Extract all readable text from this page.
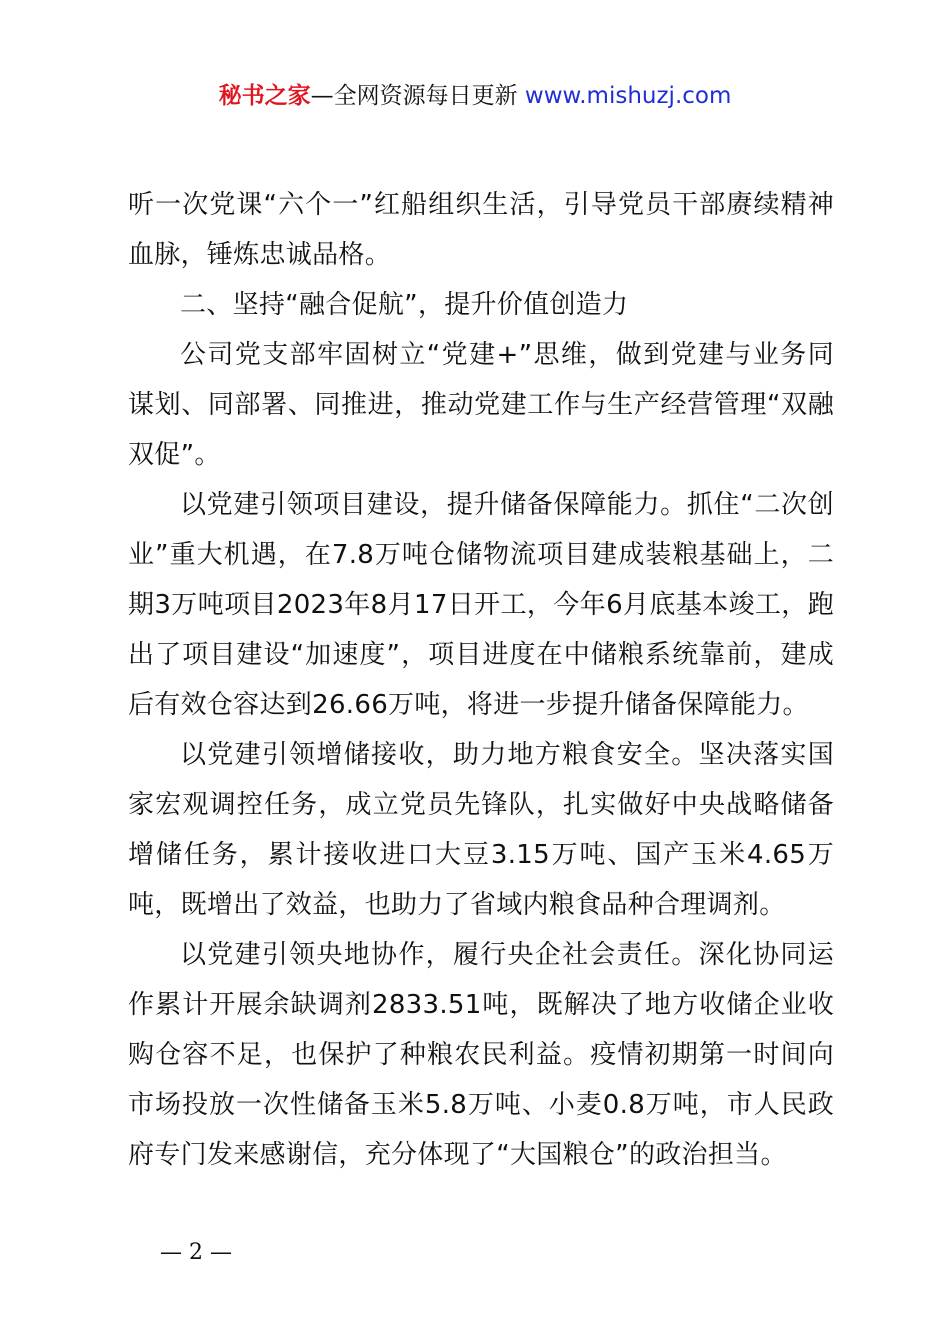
秘书之家—全网资源每日更新 www.mishuzj.com

听一次党课“六个一”红船组织生活，引导党员干部赓续精神血脉，锤炼忠诚品格。

二、坚持“融合促航”，提升价值创造力

公司党支部牢固树立“党建+”思维，做到党建与业务同谋划、同部署、同推进，推动党建工作与生产经营管理“双融双促”。

以党建引领项目建设，提升储备保障能力。抓住“二次创业”重大机遇，在7.8万吨仓储物流项目建成装粮基础上，二期3万吨项目2023年8月17日开工，今年6月底基本竣工，跑出了项目建设“加速度”，项目进度在中储粮系统靠前，建成后有效仓容达到26.66万吨，将进一步提升储备保障能力。

以党建引领增储接收，助力地方粮食安全。坚决落实国家宏观调控任务，成立党员先锋队，扎实做好中央战略储备增储任务，累计接收进口大豆3.15万吨、国产玉米4.65万吨，既增出了效益，也助力了省域内粮食品种合理调剂。

以党建引领央地协作，履行央企社会责任。深化协同运作累计开展余缺调剂2833.51吨，既解决了地方收储企业收购仓容不足，也保护了种粮农民利益。疫情初期第一时间向市场投放一次性储备玉米5.8万吨、小麦0.8万吨，市人民政府专门发来感谢信，充分体现了“大国粮仓”的政治担当。

— 2 —
